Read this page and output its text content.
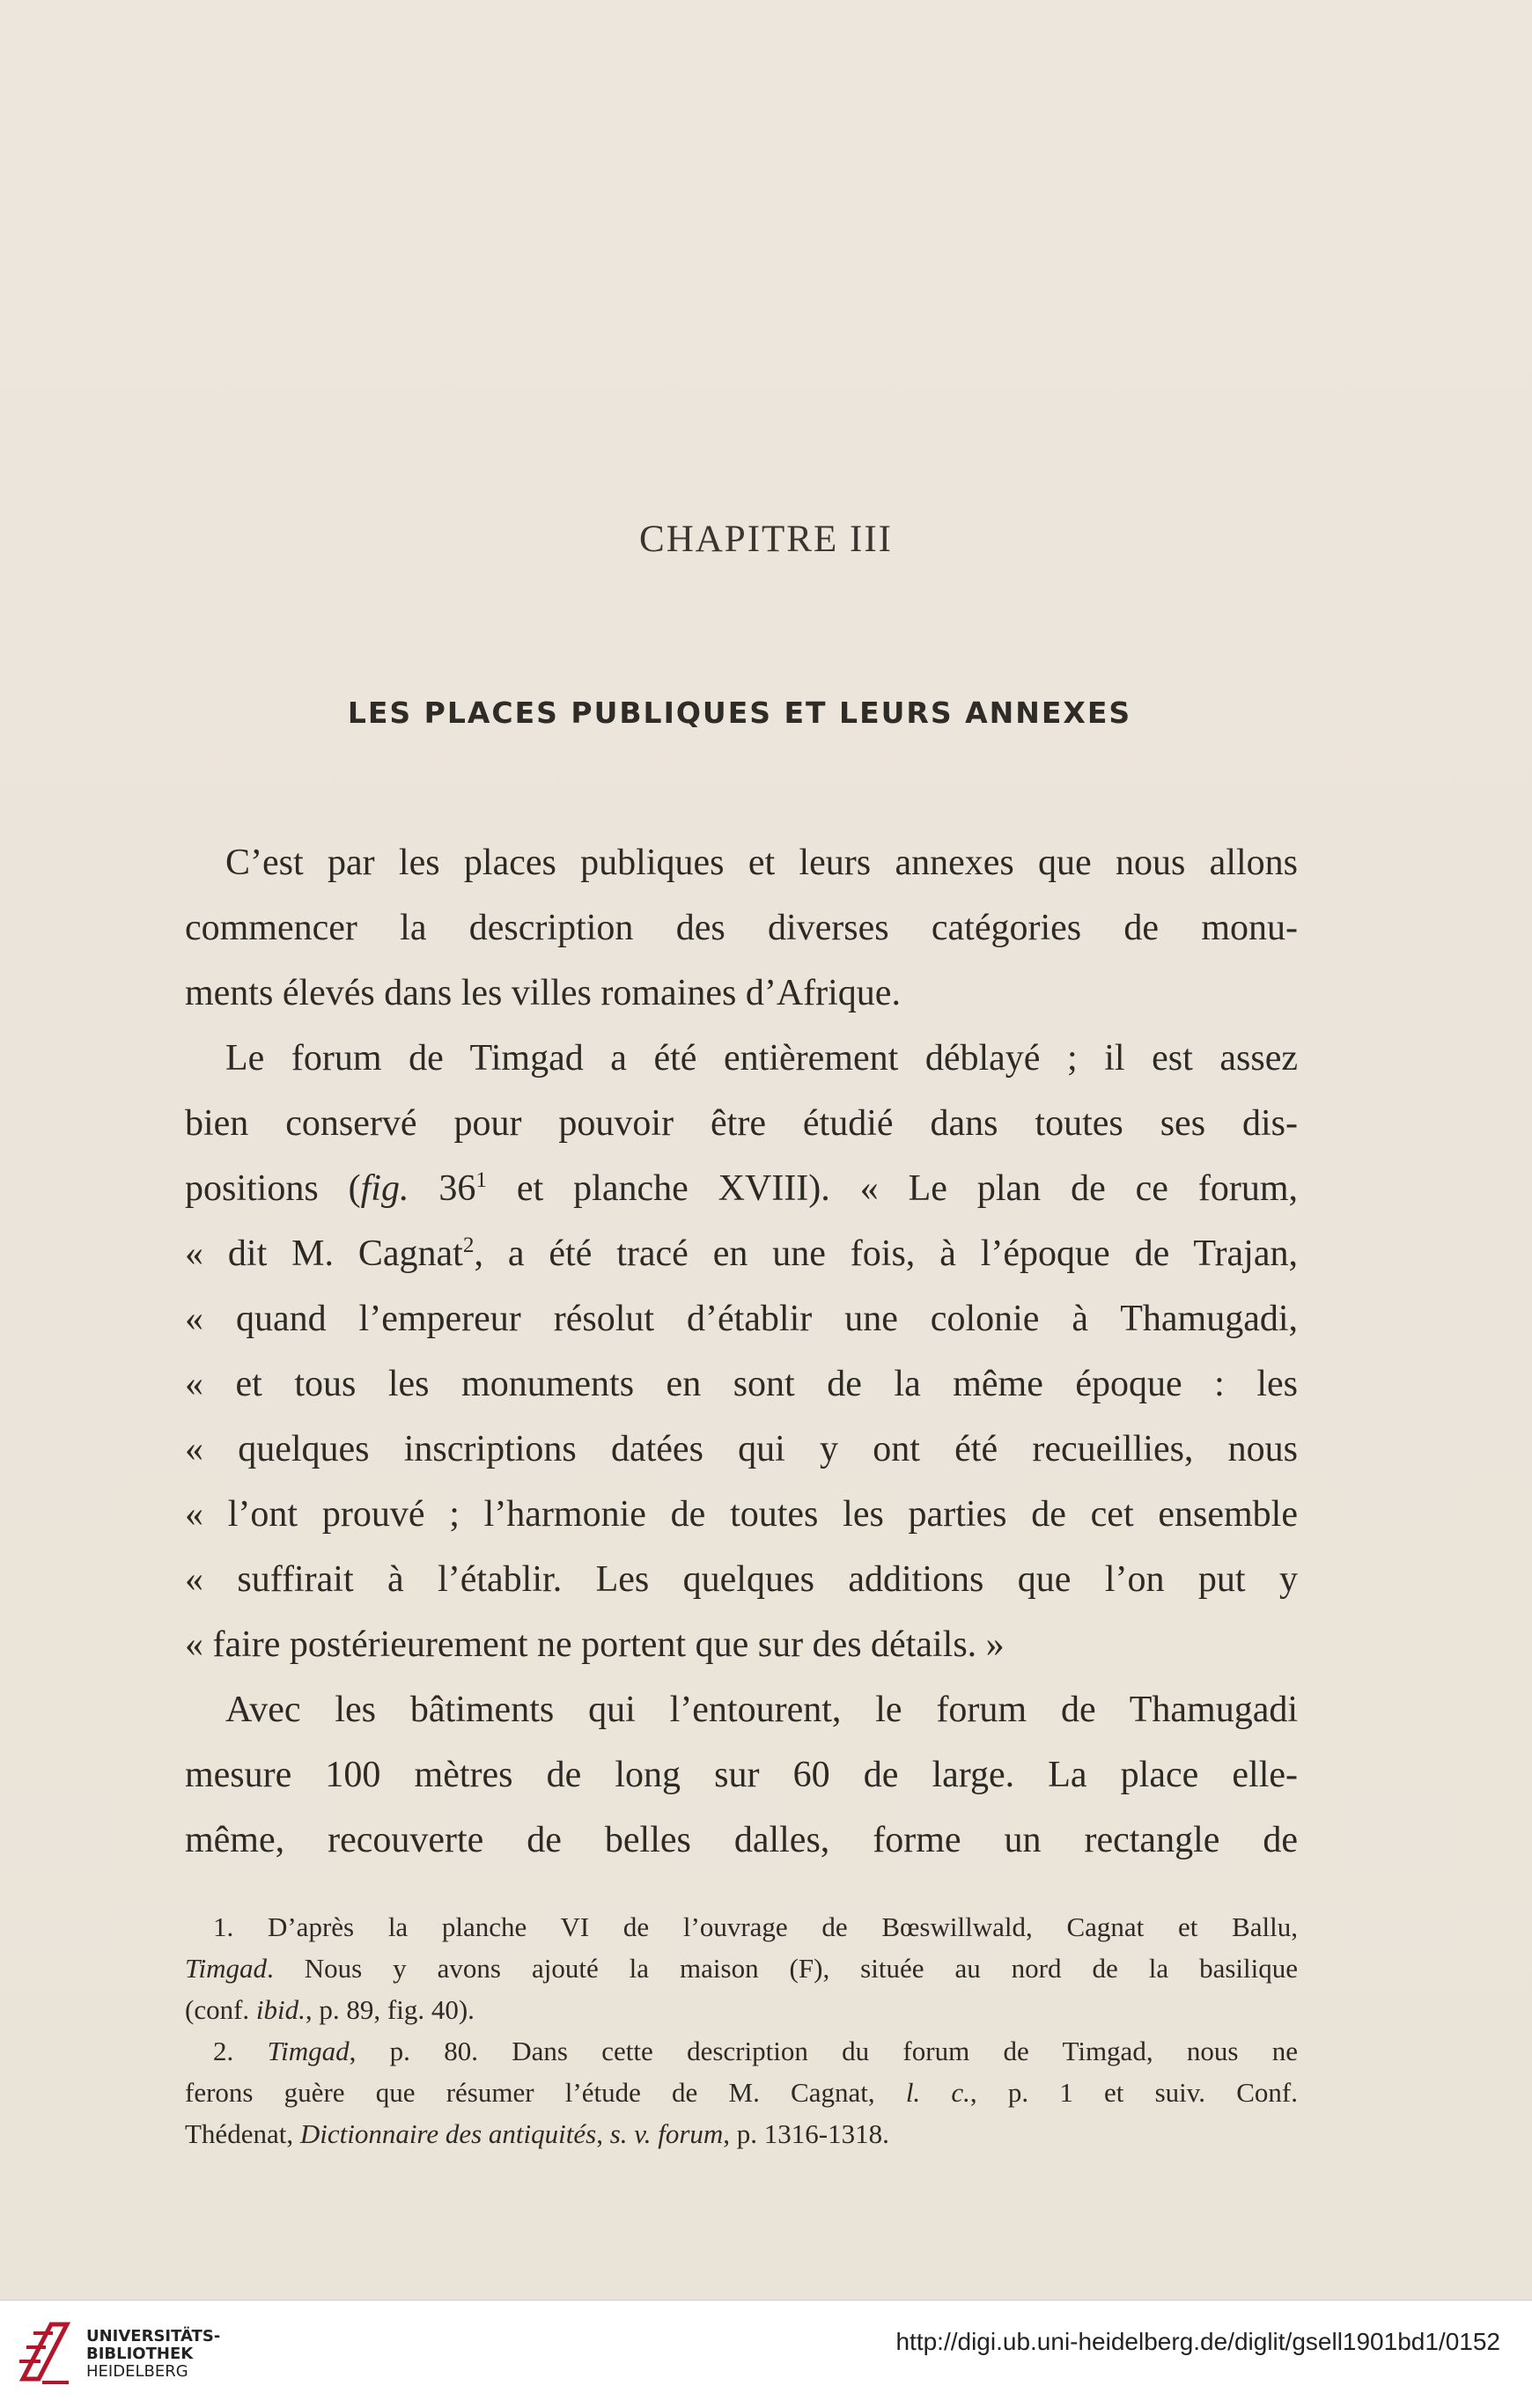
CHAPITRE III
LES PLACES PUBLIQUES ET LEURS ANNEXES
C’est par les places publiques et leurs annexes que nous allons
commencer la description des diverses catégories de monu-
ments élevés dans les villes romaines d’Afrique.
Le forum de Timgad a été entièrement déblayé ; il est assez
bien conservé pour pouvoir être étudié dans toutes ses dis-
positions (fig. $36^1$ et planche XVIII). « Le plan de ce forum,
« dit M. Cagnat$^2$, a été tracé en une fois, à l’époque de Trajan,
« quand l’empereur résolut d’établir une colonie à Thamugadi,
« et tous les monuments en sont de la même époque : les
« quelques inscriptions datées qui y ont été recueillies, nous
« l’ont prouvé ; l’harmonie de toutes les parties de cet ensemble
« suffirait à l’établir. Les quelques additions que l’on put y
« faire postérieurement ne portent que sur des détails. »
Avec les bâtiments qui l’entourent, le forum de Thamugadi
mesure 100 mètres de long sur 60 de large. La place elle-
même, recouverte de belles dalles, forme un rectangle de
1. D’après la planche VI de l’ouvrage de Bœswillwald, Cagnat et Ballu,
Timgad. Nous y avons ajouté la maison (F), située au nord de la basilique
(conf. ibid., p. 89, fig. 40).
2. Timgad, p. 80. Dans cette description du forum de Timgad, nous ne
ferons guère que résumer l’étude de M. Cagnat, l. c., p. 1 et suiv. Conf.
Thédenat, Dictionnaire des antiquités, s. v. forum, p. 1316-1318.
UNIVERSITÄTS-
BIBLIOTHEK
HEIDELBERG
http://digi.ub.uni-heidelberg.de/diglit/gsell1901bd1/0152
